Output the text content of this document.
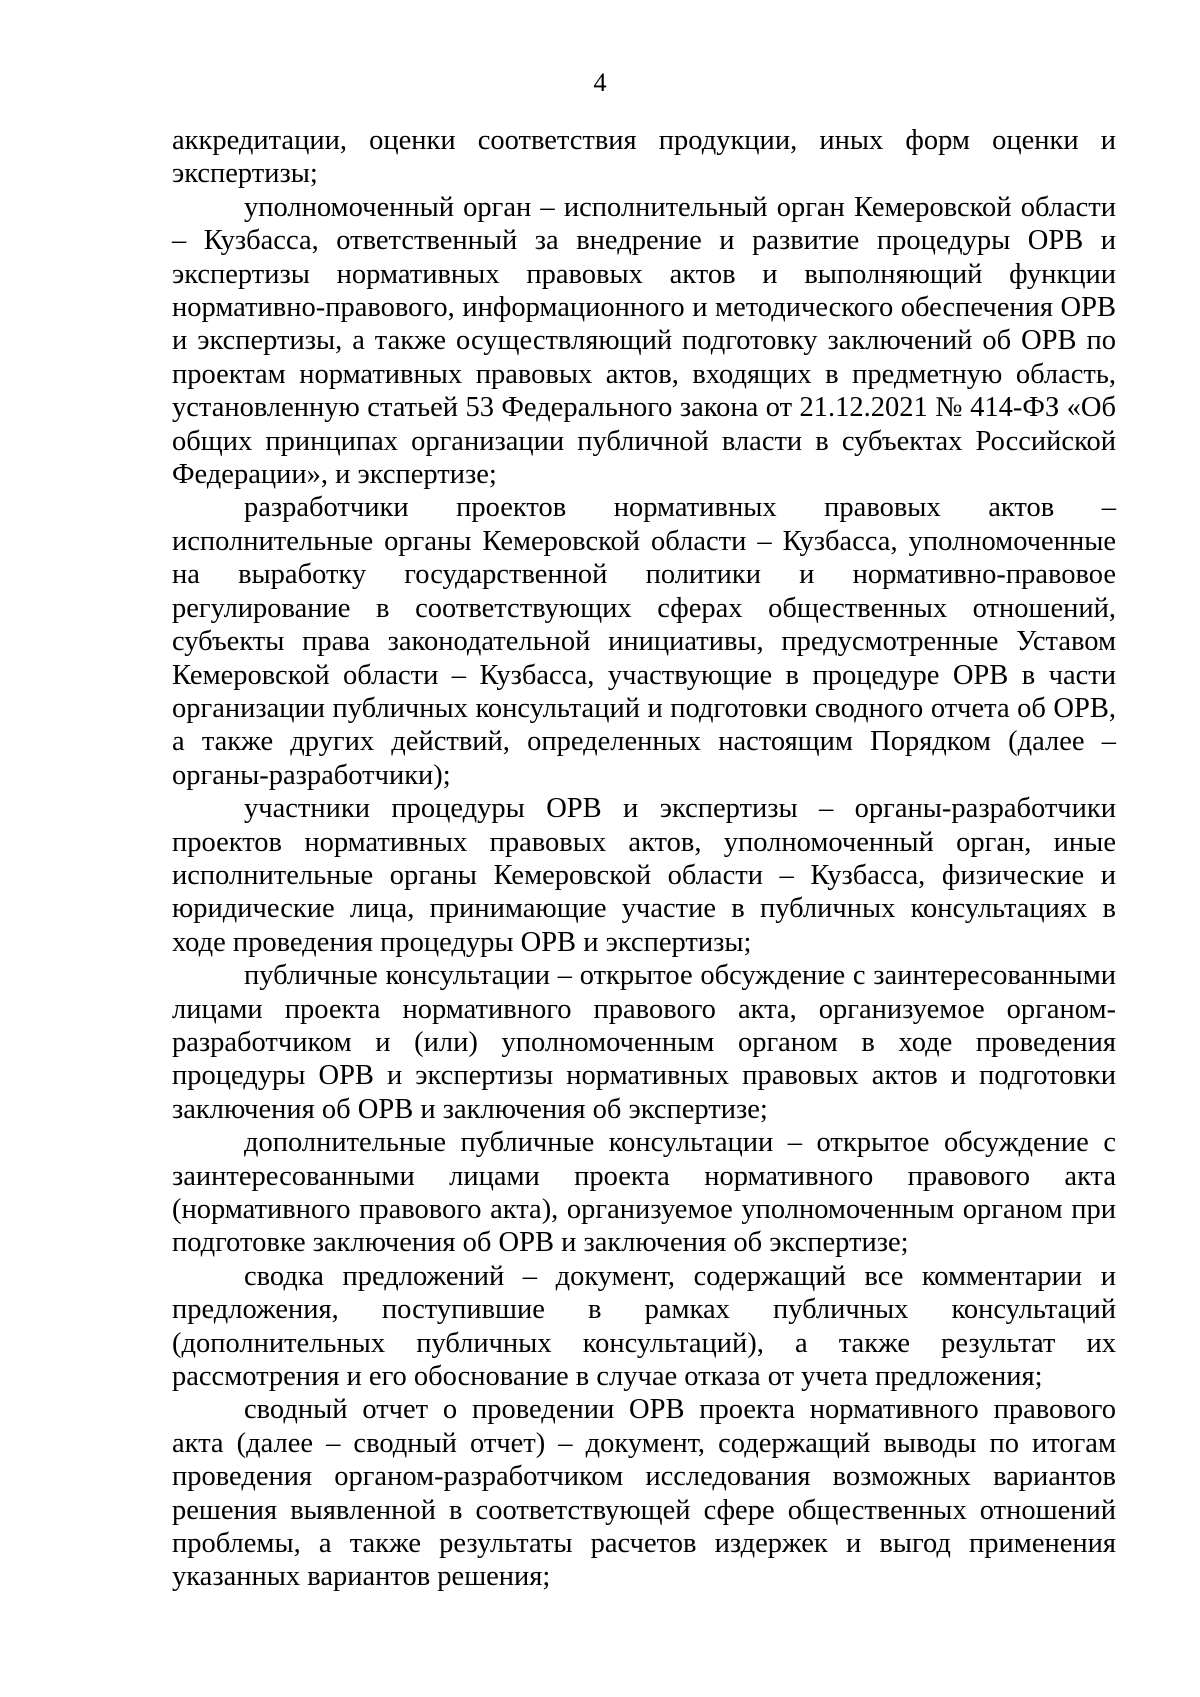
4

аккредитации, оценки соответствия продукции, иных форм оценки и экспертизы;

уполномоченный орган – исполнительный орган Кемеровской области – Кузбасса, ответственный за внедрение и развитие процедуры ОРВ и экспертизы нормативных правовых актов и выполняющий функции нормативно-правового, информационного и методического обеспечения ОРВ и экспертизы, а также осуществляющий подготовку заключений об ОРВ по проектам нормативных правовых актов, входящих в предметную область, установленную статьей 53 Федерального закона от 21.12.2021 № 414-ФЗ «Об общих принципах организации публичной власти в субъектах Российской Федерации», и экспертизе;

разработчики проектов нормативных правовых актов – исполнительные органы Кемеровской области – Кузбасса, уполномоченные на выработку государственной политики и нормативно-правовое регулирование в соответствующих сферах общественных отношений, субъекты права законодательной инициативы, предусмотренные Уставом Кемеровской области – Кузбасса, участвующие в процедуре ОРВ в части организации публичных консультаций и подготовки сводного отчета об ОРВ, а также других действий, определенных настоящим Порядком (далее – органы-разработчики);

участники процедуры ОРВ и экспертизы – органы-разработчики проектов нормативных правовых актов, уполномоченный орган, иные исполнительные органы Кемеровской области – Кузбасса, физические и юридические лица, принимающие участие в публичных консультациях в ходе проведения процедуры ОРВ и экспертизы;

публичные консультации – открытое обсуждение с заинтересованными лицами проекта нормативного правового акта, организуемое органом-разработчиком и (или) уполномоченным органом в ходе проведения процедуры ОРВ и экспертизы нормативных правовых актов и подготовки заключения об ОРВ и заключения об экспертизе;

дополнительные публичные консультации – открытое обсуждение с заинтересованными лицами проекта нормативного правового акта (нормативного правового акта), организуемое уполномоченным органом при подготовке заключения об ОРВ и заключения об экспертизе;

сводка предложений – документ, содержащий все комментарии и предложения, поступившие в рамках публичных консультаций (дополнительных публичных консультаций), а также результат их рассмотрения и его обоснование в случае отказа от учета предложения;

сводный отчет о проведении ОРВ проекта нормативного правового акта (далее – сводный отчет) – документ, содержащий выводы по итогам проведения органом-разработчиком исследования возможных вариантов решения выявленной в соответствующей сфере общественных отношений проблемы, а также результаты расчетов издержек и выгод применения указанных вариантов решения;
